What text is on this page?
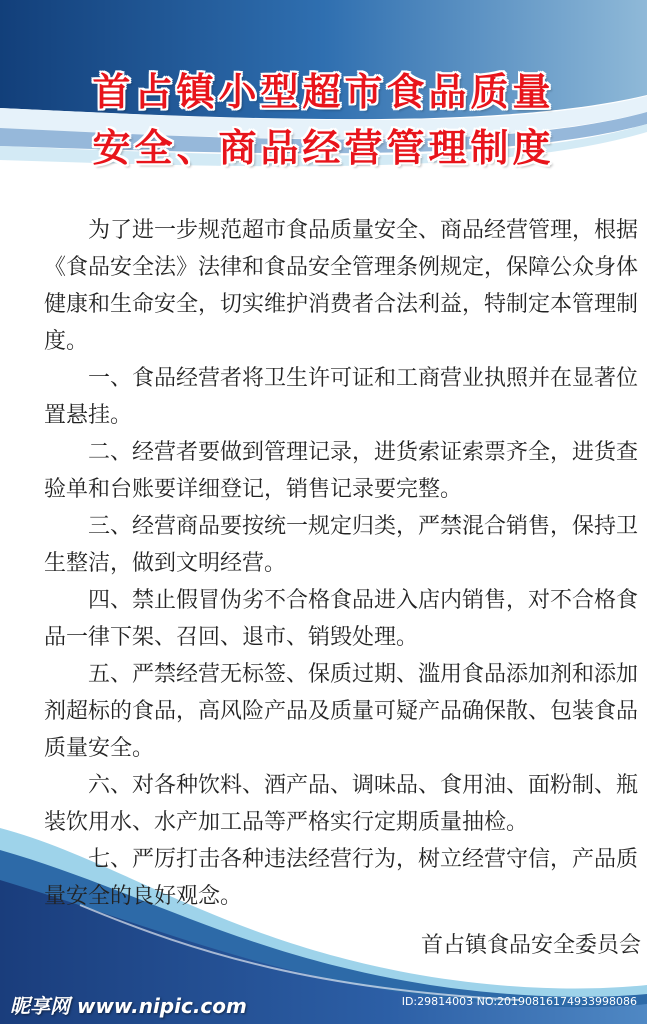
首占镇小型超市食品质量
安全、商品经营管理制度

为了进一步规范超市食品质量安全、商品经营管理，根据《食品安全法》法律和食品安全管理条例规定，保障公众身体健康和生命安全，切实维护消费者合法利益，特制定本管理制度。

一、食品经营者将卫生许可证和工商营业执照并在显著位置悬挂。

二、经营者要做到管理记录，进货索证索票齐全，进货查验单和台账要详细登记，销售记录要完整。

三、经营商品要按统一规定归类，严禁混合销售，保持卫生整洁，做到文明经营。

四、禁止假冒伪劣不合格食品进入店内销售，对不合格食品一律下架、召回、退市、销毁处理。

五、严禁经营无标签、保质过期、滥用食品添加剂和添加剂超标的食品，高风险产品及质量可疑产品确保散、包装食品质量安全。

六、对各种饮料、酒产品、调味品、食用油、面粉制、瓶装饮用水、水产加工品等严格实行定期质量抽检。

七、严厉打击各种违法经营行为，树立经营守信，产品质量安全的良好观念。

首占镇食品安全委员会
昵享网 www.nipic.com	ID:29814003 NO:20190816174933998086
